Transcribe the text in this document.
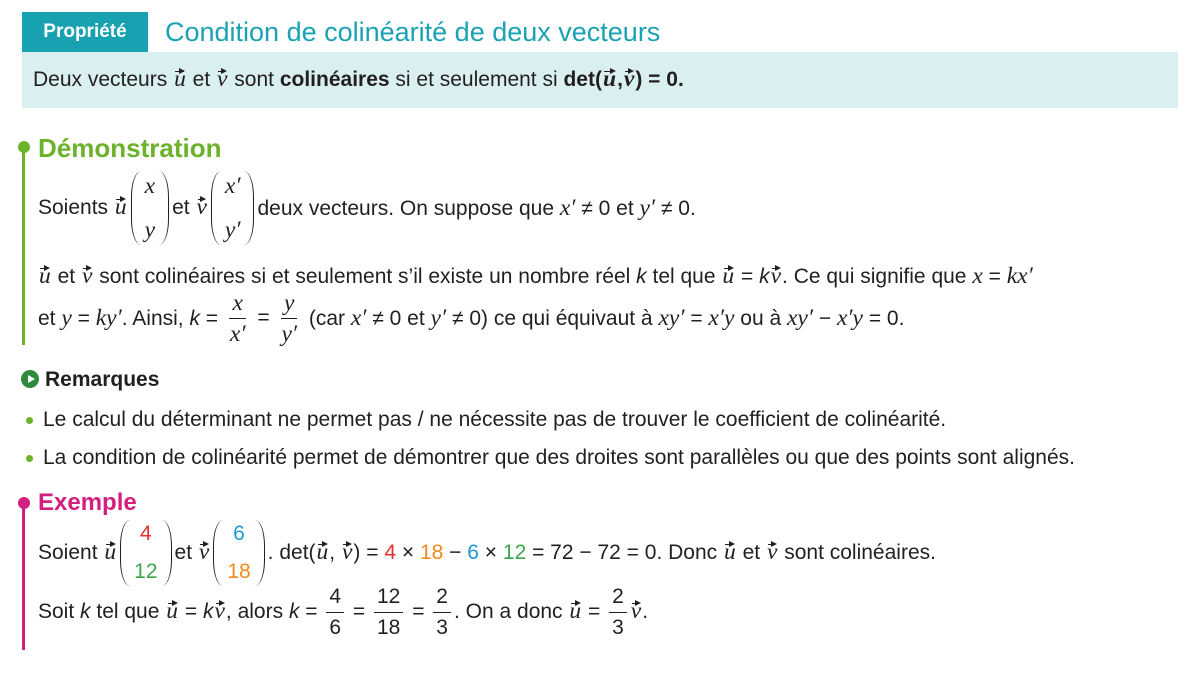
Propriété	Condition de colinéarité de deux vecteurs
Deux vecteurs u et v sont colinéaires si et seulement si det(u,v) = 0.
Démonstration
Soients u
x
y
et v
x′
y′
deux vecteurs. On suppose que x′ ≠ 0 et y′ ≠ 0.
u et v sont colinéaires si et seulement s’il existe un nombre réel k tel que u = kv. Ce qui signifie que x = kx′
et y = ky′. Ainsi, $k = \frac{x}{x'} = \frac{y}{y'} (car$ x′ ≠ 0 et y′ ≠ 0) ce qui équivaut à xy′ = x′y ou à xy′ − x′y = 0.
Remarques
Le calcul du déterminant ne permet pas / ne nécessite pas de trouver le coefficient de colinéarité.
La condition de colinéarité permet de démontrer que des droites sont parallèles ou que des points sont alignés.
Exemple
Soient u
4
12
et v
6
18
. det(u, v) = 4 × 18 − 6 × 12 = 72 − 72 = 0. Donc u et v sont colinéaires.
Soit k tel que u = kv, alors $k = \frac{4}{6} = \frac{12}{18} = \frac{2}{3}$ . On a donc $u = \frac{2}{3} v$.
